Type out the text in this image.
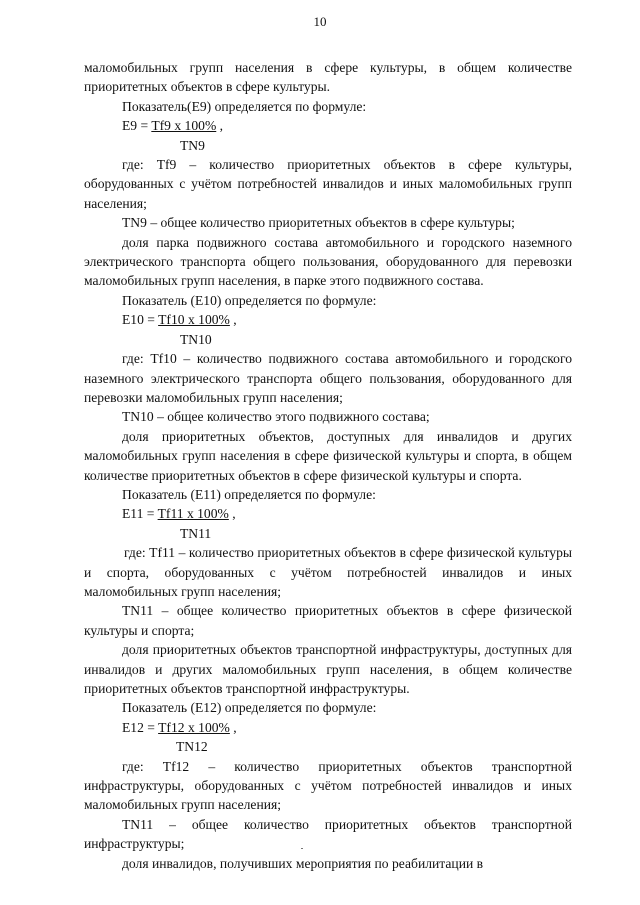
10

маломобильных групп населения в сфере культуры, в общем количестве приоритетных объектов в сфере культуры.

Показатель(E9) определяется по формуле:

E9 = Tf9 x 100% ,

TN9

где: Tf9 – количество приоритетных объектов в сфере культуры, оборудованных с учётом потребностей инвалидов и иных маломобильных групп населения;

TN9 – общее количество приоритетных объектов в сфере культуры;

доля парка подвижного состава автомобильного и городского наземного электрического транспорта общего пользования, оборудованного для перевозки маломобильных групп населения, в парке этого подвижного состава.

Показатель (E10) определяется по формуле:

E10 = Tf10 x 100% ,

TN10

где: Tf10 – количество подвижного состава автомобильного и городского наземного электрического транспорта общего пользования, оборудованного для перевозки маломобильных групп населения;

TN10 – общее количество этого подвижного состава;

доля приоритетных объектов, доступных для инвалидов и других маломобильных групп населения в сфере физической культуры и спорта, в общем количестве приоритетных объектов в сфере физической культуры и спорта.

Показатель (E11) определяется по формуле:

E11 = Tf11 x 100% ,

TN11

где: Tf11 – количество приоритетных объектов в сфере физической культуры и спорта, оборудованных с учётом потребностей инвалидов и иных маломобильных групп населения;

TN11 – общее количество приоритетных объектов в сфере физической культуры и спорта;

доля приоритетных объектов транспортной инфраструктуры, доступных для инвалидов и других маломобильных групп населения, в общем количестве приоритетных объектов транспортной инфраструктуры.

Показатель (E12) определяется по формуле:

E12 = Tf12 x 100% ,

TN12

где: Tf12 – количество приоритетных объектов транспортной инфраструктуры, оборудованных с учётом потребностей инвалидов и иных маломобильных групп населения;

TN11 – общее количество приоритетных объектов транспортной инфраструктуры;

доля инвалидов, получивших мероприятия по реабилитации в
